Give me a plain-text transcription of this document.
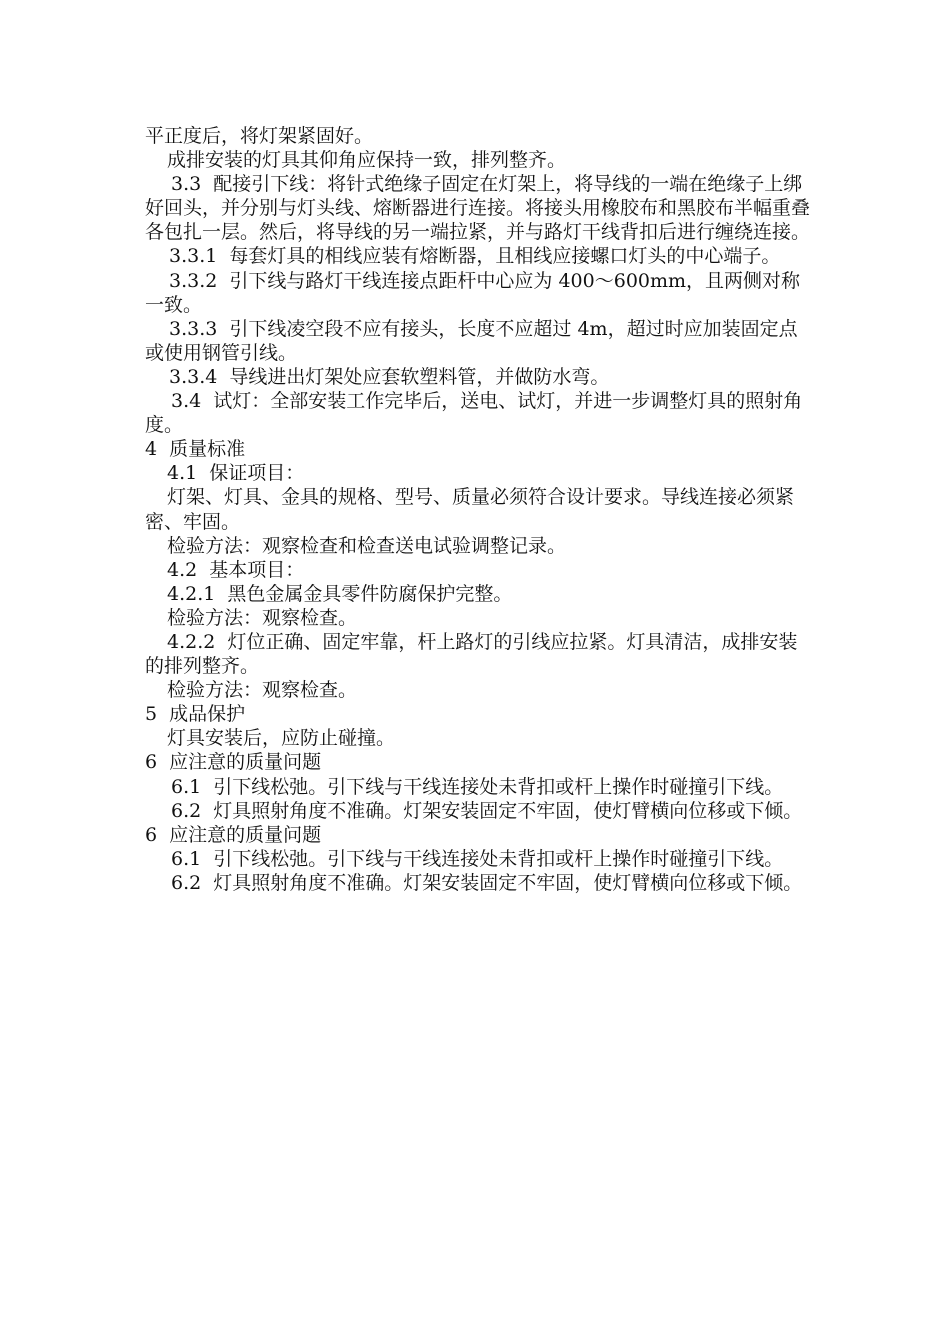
平正度后，将灯架紧固好。

成排安装的灯具其仰角应保持一致，排列整齐。

3.3  配接引下线：将针式绝缘子固定在灯架上，将导线的一端在绝缘子上绑好回头，并分别与灯头线、熔断器进行连接。将接头用橡胶布和黑胶布半幅重叠各包扎一层。然后，将导线的另一端拉紧，并与路灯干线背扣后进行缠绕连接。

3.3.1  每套灯具的相线应装有熔断器，且相线应接螺口灯头的中心端子。

3.3.2  引下线与路灯干线连接点距杆中心应为 400～600mm，且两侧对称一致。

3.3.3  引下线凌空段不应有接头，长度不应超过 4m，超过时应加装固定点或使用钢管引线。

3.3.4  导线进出灯架处应套软塑料管，并做防水弯。

3.4  试灯：全部安装工作完毕后，送电、试灯，并进一步调整灯具的照射角度。

4  质量标准

4.1  保证项目：

灯架、灯具、金具的规格、型号、质量必须符合设计要求。导线连接必须紧密、牢固。

检验方法：观察检查和检查送电试验调整记录。

4.2  基本项目：

4.2.1  黑色金属金具零件防腐保护完整。

检验方法：观察检查。

4.2.2  灯位正确、固定牢靠，杆上路灯的引线应拉紧。灯具清洁，成排安装的排列整齐。

检验方法：观察检查。

5  成品保护

灯具安装后，应防止碰撞。

6  应注意的质量问题

6.1  引下线松弛。引下线与干线连接处未背扣或杆上操作时碰撞引下线。

6.2  灯具照射角度不准确。灯架安装固定不牢固，使灯臂横向位移或下倾。

6  应注意的质量问题

6.1  引下线松弛。引下线与干线连接处未背扣或杆上操作时碰撞引下线。

6.2  灯具照射角度不准确。灯架安装固定不牢固，使灯臂横向位移或下倾。
